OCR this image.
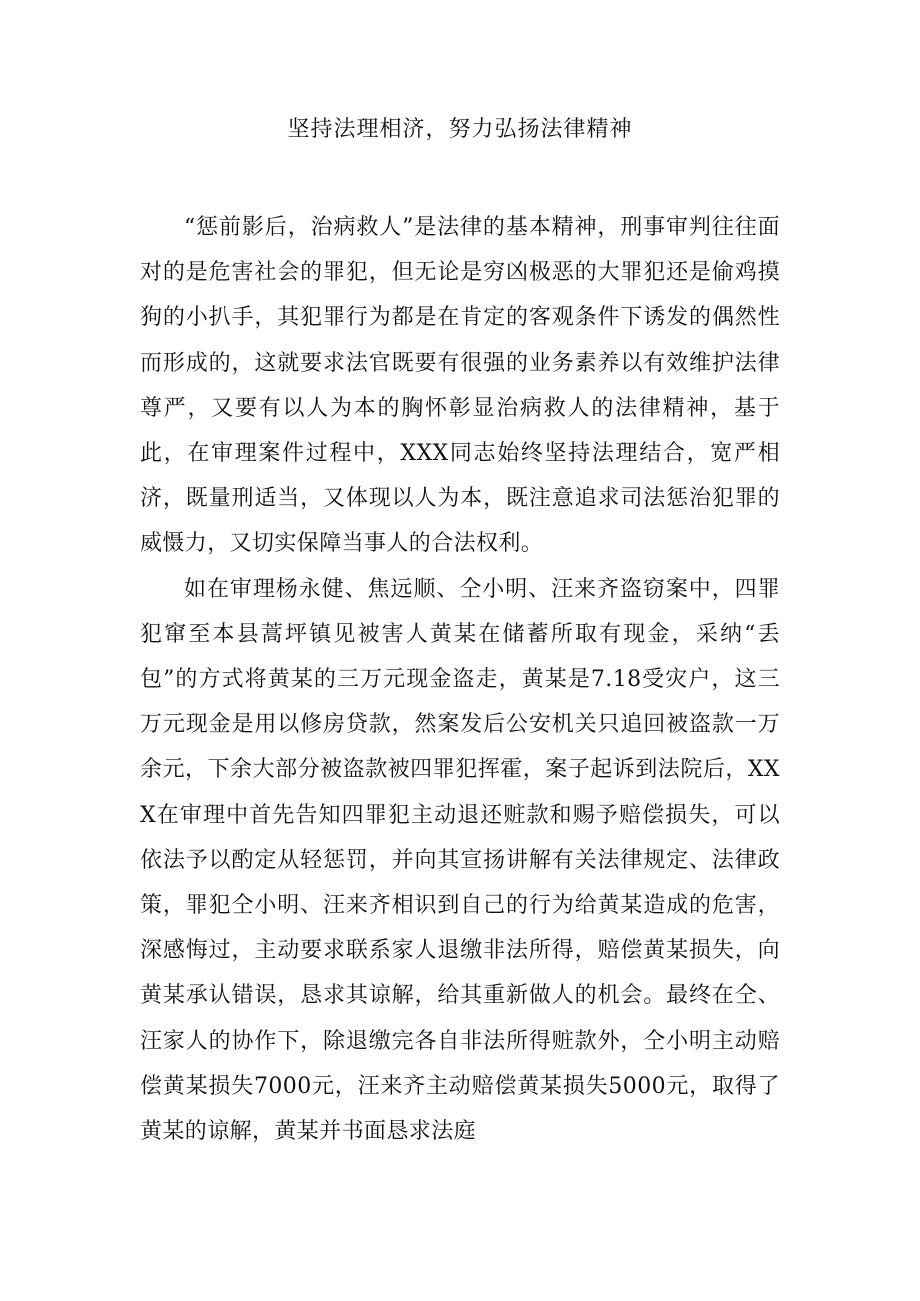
坚持法理相济，努力弘扬法律精神

“惩前影后，治病救人”是法律的基本精神，刑事审判往往面对的是危害社会的罪犯，但无论是穷凶极恶的大罪犯还是偷鸡摸狗的小扒手，其犯罪行为都是在肯定的客观条件下诱发的偶然性而形成的，这就要求法官既要有很强的业务素养以有效维护法律尊严，又要有以人为本的胸怀彰显治病救人的法律精神，基于此，在审理案件过程中，XXX同志始终坚持法理结合，宽严相济，既量刑适当，又体现以人为本，既注意追求司法惩治犯罪的威慑力，又切实保障当事人的合法权利。

如在审理杨永健、焦远顺、仝小明、汪来齐盗窃案中，四罪犯窜至本县蒿坪镇见被害人黄某在储蓄所取有现金，采纳“丢包”的方式将黄某的三万元现金盗走，黄某是7.18受灾户，这三万元现金是用以修房贷款，然案发后公安机关只追回被盗款一万余元，下余大部分被盗款被四罪犯挥霍，案子起诉到法院后，XXX在审理中首先告知四罪犯主动退还赃款和赐予赔偿损失，可以依法予以酌定从轻惩罚，并向其宣扬讲解有关法律规定、法律政策，罪犯仝小明、汪来齐相识到自己的行为给黄某造成的危害，深感悔过，主动要求联系家人退缴非法所得，赔偿黄某损失，向黄某承认错误，恳求其谅解，给其重新做人的机会。最终在仝、汪家人的协作下，除退缴完各自非法所得赃款外，仝小明主动赔偿黄某损失7000元，汪来齐主动赔偿黄某损失5000元，取得了黄某的谅解，黄某并书面恳求法庭
